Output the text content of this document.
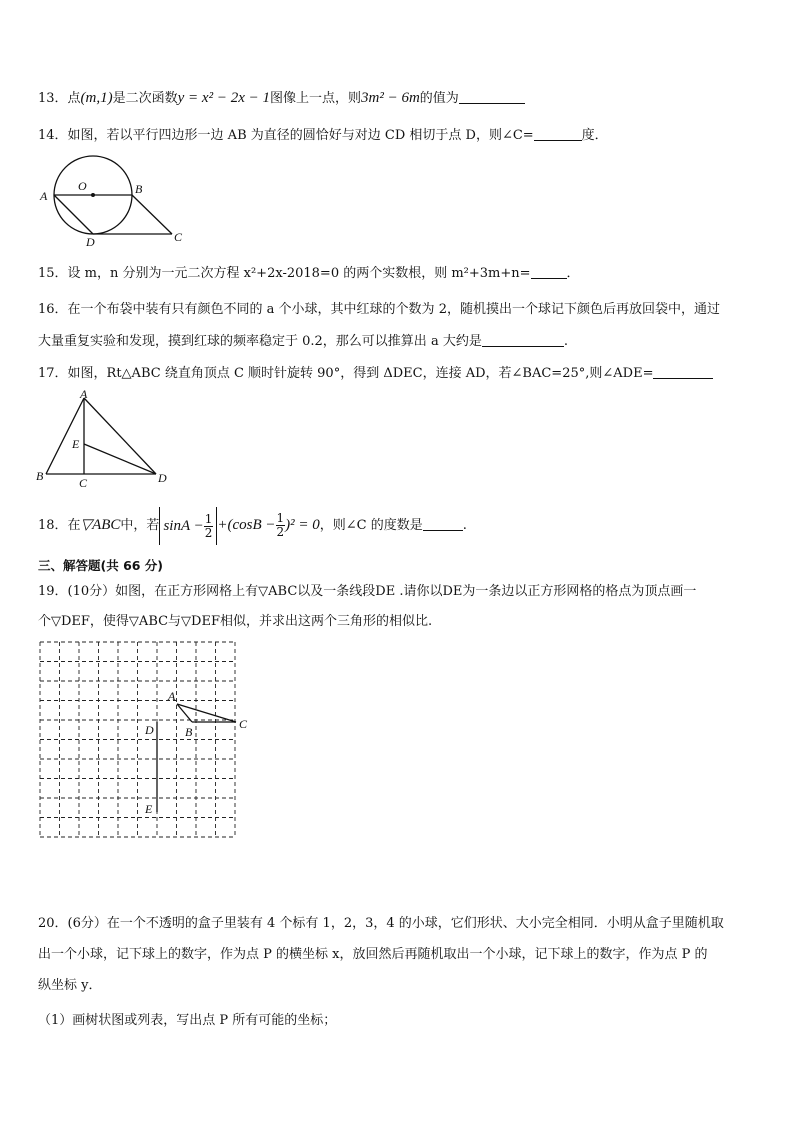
13．点(m,1)是二次函数y = x² − 2x − 1图像上一点，则3m² − 6m的值为
14．如图，若以平行四边形一边 AB 为直径的圆恰好与对边 CD 相切于点 D，则∠C=	度．
A
O	B
C
D
15．设 m，n 分别为一元二次方程 x²+2x-2018=0 的两个实数根，则 m²+3m+n=	．
16．在一个布袋中装有只有颜色不同的 a 个小球，其中红球的个数为 2，随机摸出一个球记下颜色后再放回袋中，通过
大量重复实验和发现，摸到红球的频率稳定于 0.2，那么可以推算出 a 大约是	.
17．如图，Rt△ABC 绕直角顶点 C 顺时针旋转 90°，得到 ΔDEC，连接 AD，若∠BAC=25°,则∠ADE=
A
E
B	C	D
18．在▽ABC中，若 $\sin A - \frac{1}{2} +(\cos B - \frac{1}{2} )^2 = 0$，则∠C 的度数是	.
三、解答题(共 66 分)
19．(10分）如图，在正方形网格上有▽ABC以及一条线段DE .请你以DE为一条边以正方形网格的格点为顶点画一
个▽DEF，使得▽ABC与▽DEF相似，并求出这两个三角形的相似比.
A
B
C
D
E
20．(6分）在一个不透明的盒子里装有 4 个标有 1，2，3，4 的小球，它们形状、大小完全相同．小明从盒子里随机取
出一个小球，记下球上的数字，作为点 P 的横坐标 x，放回然后再随机取出一个小球，记下球上的数字，作为点 P 的
纵坐标 y．
（1）画树状图或列表，写出点 P 所有可能的坐标；
